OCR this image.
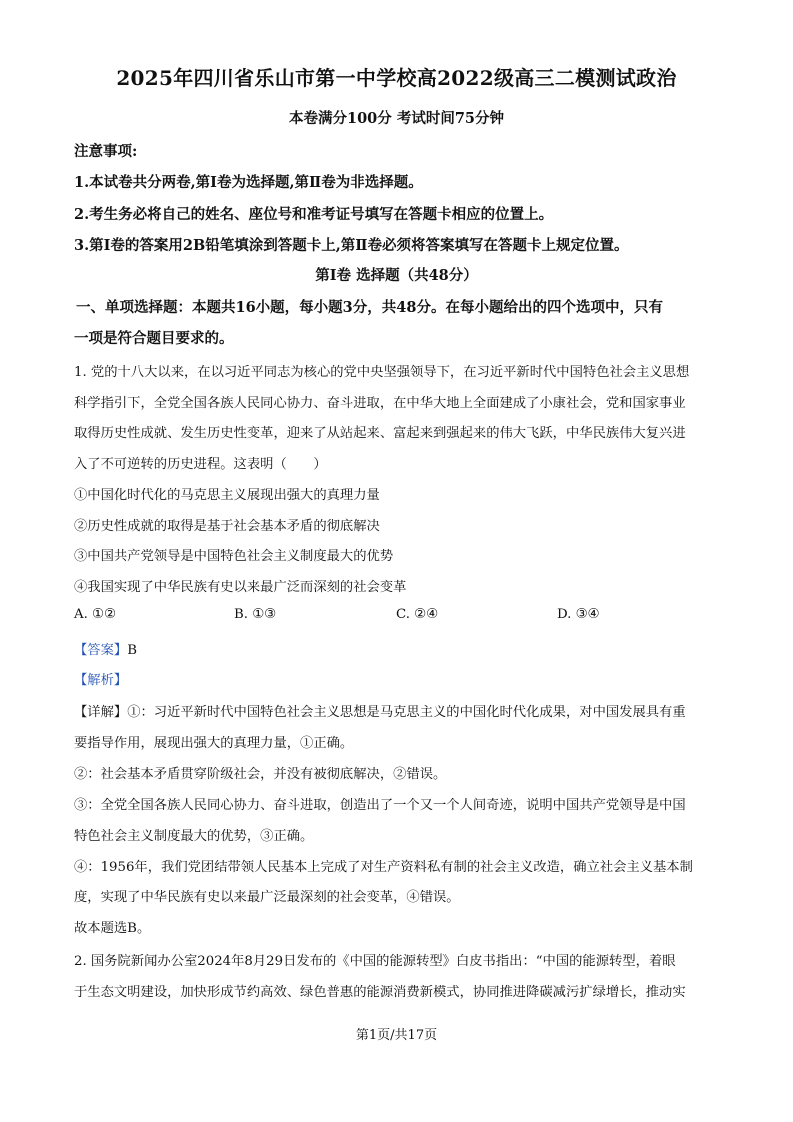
2025年四川省乐山市第一中学校高2022级高三二模测试政治
本卷满分100分 考试时间75分钟
注意事项:
1.本试卷共分两卷,第Ⅰ卷为选择题,第Ⅱ卷为非选择题。
2.考生务必将自己的姓名、座位号和准考证号填写在答题卡相应的位置上。
3.第Ⅰ卷的答案用2B铅笔填涂到答题卡上,第Ⅱ卷必须将答案填写在答题卡上规定位置。
第Ⅰ卷 选择题（共48分）
一、单项选择题：本题共16小题，每小题3分，共48分。在每小题给出的四个选项中，只有
一项是符合题目要求的。
1. 党的十八大以来，在以习近平同志为核心的党中央坚强领导下，在习近平新时代中国特色社会主义思想
科学指引下，全党全国各族人民同心协力、奋斗进取，在中华大地上全面建成了小康社会，党和国家事业
取得历史性成就、发生历史性变革，迎来了从站起来、富起来到强起来的伟大飞跃，中华民族伟大复兴进
入了不可逆转的历史进程。这表明（　　）
①中国化时代化的马克思主义展现出强大的真理力量
②历史性成就的取得是基于社会基本矛盾的彻底解决
③中国共产党领导是中国特色社会主义制度最大的优势
④我国实现了中华民族有史以来最广泛而深刻的社会变革
A. ①②	B. ①③	C. ②④	D. ③④
【答案】B
【解析】
【详解】①：习近平新时代中国特色社会主义思想是马克思主义的中国化时代化成果，对中国发展具有重
要指导作用，展现出强大的真理力量，①正确。
②：社会基本矛盾贯穿阶级社会，并没有被彻底解决，②错误。
③：全党全国各族人民同心协力、奋斗进取，创造出了一个又一个人间奇迹，说明中国共产党领导是中国
特色社会主义制度最大的优势，③正确。
④：1956年，我们党团结带领人民基本上完成了对生产资料私有制的社会主义改造，确立社会主义基本制
度，实现了中华民族有史以来最广泛最深刻的社会变革，④错误。
故本题选B。
2. 国务院新闻办公室2024年8月29日发布的《中国的能源转型》白皮书指出：“中国的能源转型，着眼
于生态文明建设，加快形成节约高效、绿色普惠的能源消费新模式，协同推进降碳减污扩绿增长，推动实
第1页/共17页
